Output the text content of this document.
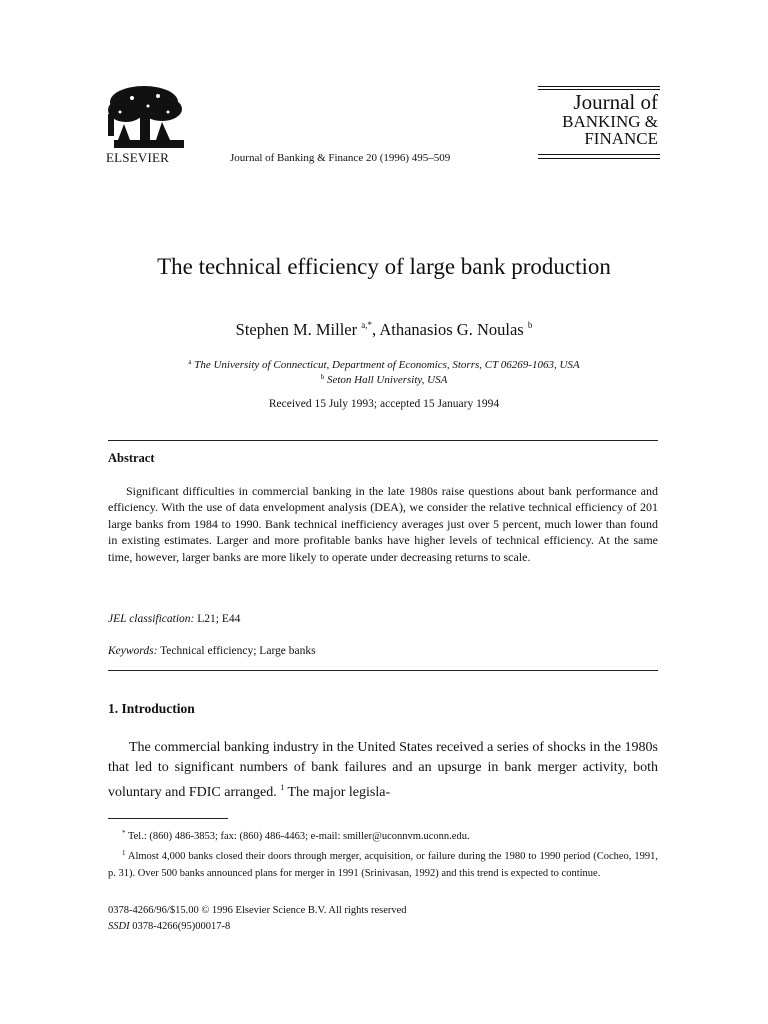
ELSEVIER	Journal of Banking & Finance 20 (1996) 495–509
Journal of
BANKING &
FINANCE
The technical efficiency of large bank production
Stephen M. Miller $^{a,*}$, Athanasios G. Noulas $^b$
$^a$ The University of Connecticut, Department of Economics, Storrs, CT 06269-1063, USA
$^b$ Seton Hall University, USA
Received 15 July 1993; accepted 15 January 1994
Abstract
Significant difficulties in commercial banking in the late 1980s raise questions about bank performance and efficiency. With the use of data envelopment analysis (DEA), we consider the relative technical efficiency of 201 large banks from 1984 to 1990. Bank technical inefficiency averages just over 5 percent, much lower than found in existing estimates. Larger and more profitable banks have higher levels of technical efficiency. At the same time, however, larger banks are more likely to operate under decreasing returns to scale.
JEL classification: L21; E44
Keywords: Technical efficiency; Large banks
1. Introduction
The commercial banking industry in the United States received a series of shocks in the 1980s that led to significant numbers of bank failures and an upsurge in bank merger activity, both voluntary and FDIC arranged. $^1$ The major legisla-

* Tel.: (860) 486-3853; fax: (860) 486-4463; e-mail: smiller@uconnvm.uconn.edu.

$^1$ Almost 4,000 banks closed their doors through merger, acquisition, or failure during the 1980 to 1990 period (Cocheo, 1991, p. 31). Over 500 banks announced plans for merger in 1991 (Srinivasan, 1992) and this trend is expected to continue.

0378-4266/96/$15.00 © 1996 Elsevier Science B.V. All rights reserved
SSDI 0378-4266(95)00017-8
